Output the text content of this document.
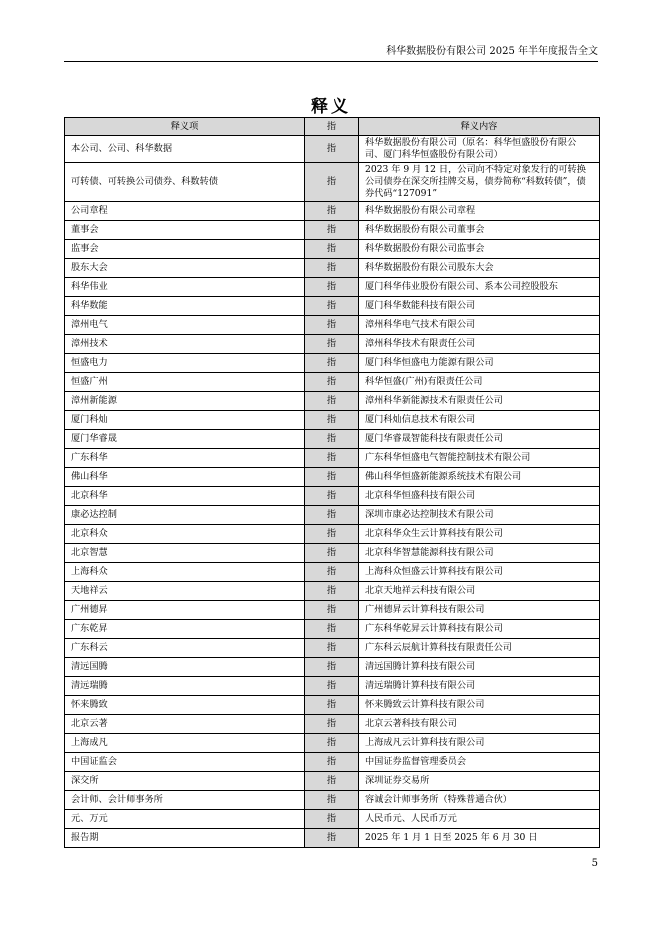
科华数据股份有限公司 2025 年半年度报告全文
释义
释义项	指	释义内容
本公司、公司、科华数据	指	科华数据股份有限公司（原名：科华恒盛股份有限公司、厦门科华恒盛股份有限公司）
可转债、可转换公司债券、科数转债	指	2023 年 9 月 12 日，公司向不特定对象发行的可转换公司债券在深交所挂牌交易，债券简称“科数转债”，债券代码“127091”
公司章程	指	科华数据股份有限公司章程
董事会	指	科华数据股份有限公司董事会
监事会	指	科华数据股份有限公司监事会
股东大会	指	科华数据股份有限公司股东大会
科华伟业	指	厦门科华伟业股份有限公司、系本公司控股股东
科华数能	指	厦门科华数能科技有限公司
漳州电气	指	漳州科华电气技术有限公司
漳州技术	指	漳州科华技术有限责任公司
恒盛电力	指	厦门科华恒盛电力能源有限公司
恒盛广州	指	科华恒盛(广州)有限责任公司
漳州新能源	指	漳州科华新能源技术有限责任公司
厦门科灿	指	厦门科灿信息技术有限公司
厦门华睿晟	指	厦门华睿晟智能科技有限责任公司
广东科华	指	广东科华恒盛电气智能控制技术有限公司
佛山科华	指	佛山科华恒盛新能源系统技术有限公司
北京科华	指	北京科华恒盛科技有限公司
康必达控制	指	深圳市康必达控制技术有限公司
北京科众	指	北京科华众生云计算科技有限公司
北京智慧	指	北京科华智慧能源科技有限公司
上海科众	指	上海科众恒盛云计算科技有限公司
天地祥云	指	北京天地祥云科技有限公司
广州德昇	指	广州德昇云计算科技有限公司
广东乾昇	指	广东科华乾昇云计算科技有限公司
广东科云	指	广东科云辰航计算科技有限责任公司
清远国腾	指	清远国腾计算科技有限公司
清远瑞腾	指	清远瑞腾计算科技有限公司
怀来腾致	指	怀来腾致云计算科技有限公司
北京云著	指	北京云著科技有限公司
上海成凡	指	上海成凡云计算科技有限公司
中国证监会	指	中国证券监督管理委员会
深交所	指	深圳证券交易所
会计师、会计师事务所	指	容诚会计师事务所（特殊普通合伙）
元、万元	指	人民币元、人民币万元
报告期	指	2025 年 1 月 1 日至 2025 年 6 月 30 日
5
